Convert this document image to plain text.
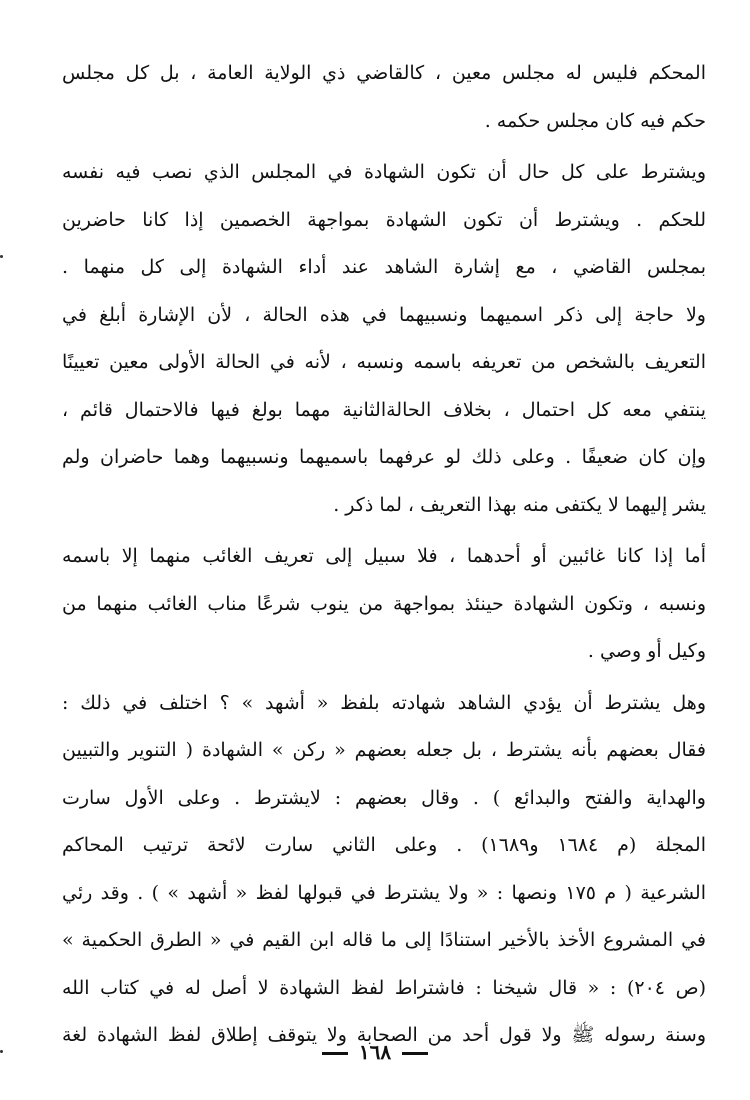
المحكم فليس له مجلس معين ، كالقاضي ذي الولاية العامة ، بل كل مجلس
حكم فيه كان مجلس حكمه .
ويشترط على كل حال أن تكون الشهادة في المجلس الذي نصب فيه نفسه
للحكم . ويشترط أن تكون الشهادة بمواجهة الخصمين إذا كانا حاضرين
بمجلس القاضي ، مع إشارة الشاهد عند أداء الشهادة إلى كل منهما .
ولا حاجة إلى ذكر اسميهما ونسبيهما في هذه الحالة ، لأن الإشارة أبلغ في
التعريف بالشخص من تعريفه باسمه ونسبه ، لأنه في الحالة الأولى معين تعيينًا
ينتفي معه كل احتمال ، بخلاف الحالةالثانية مهما بولغ فيها فالاحتمال قائم ،
وإن كان ضعيفًا . وعلى ذلك لو عرفهما باسميهما ونسبيهما وهما حاضران ولم
يشر إليهما لا يكتفى منه بهذا التعريف ، لما ذكر .
أما إذا كانا غائبين أو أحدهما ، فلا سبيل إلى تعريف الغائب منهما إلا باسمه
ونسبه ، وتكون الشهادة حينئذ بمواجهة من ينوب شرعًا مناب الغائب منهما من
وكيل أو وصي .
وهل يشترط أن يؤدي الشاهد شهادته بلفظ « أشهد » ؟ اختلف في ذلك :
فقال بعضهم بأنه يشترط ، بل جعله بعضهم « ركن » الشهادة ( التنوير والتبيين
والهداية والفتح والبدائع ) . وقال بعضهم : لايشترط . وعلى الأول سارت
المجلة (م ١٦٨٤ و١٦٨٩) . وعلى الثاني سارت لائحة ترتيب المحاكم
الشرعية ( م ١٧٥ ونصها : « ولا يشترط في قبولها لفظ « أشهد » ) . وقد رئي
في المشروع الأخذ بالأخير استنادًا إلى ما قاله ابن القيم في « الطرق الحكمية »
(ص ٢٠٤) : « قال شيخنا : فاشتراط لفظ الشهادة لا أصل له في كتاب الله
وسنة رسوله ﷺ ولا قول أحد من الصحابة ولا يتوقف إطلاق لفظ الشهادة لغة
١٦٨
